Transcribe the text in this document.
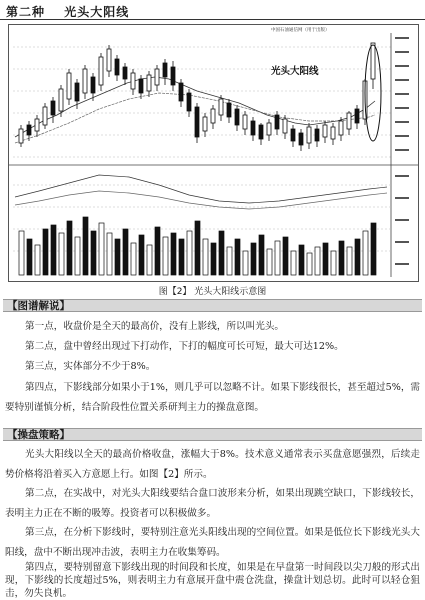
第二种 光头大阳线
中国石油通信网（用于出版）
光头大阳线
图【2】 光头大阳线示意图
【图谱解说】

第一点，收盘价是全天的最高价，没有上影线，所以叫光头。

第二点，盘中曾经出现过下打动作，下打的幅度可长可短，最大可达12%。

第三点，实体部分不少于8%。

第四点，下影线部分如果小于1%，则几乎可以忽略不计。如果下影线很长，甚至超过5%，需要特别谨慎分析，结合阶段性位置关系研判主力的操盘意图。

【操盘策略】

光头大阳线以全天的最高价格收盘，涨幅大于8%。技术意义通常表示买盘意愿强烈，后续走势价格将沿着买入方意愿上行。如图【2】所示。

第二点，在实战中，对光头大阳线要结合盘口波形来分析，如果出现跳空缺口，下影线较长，表明主力正在不断的吸筹。投资者可以积极做多。

第三点，在分析下影线时，要特别注意光头阳线出现的空间位置。如果是低位长下影线光头大阳线，盘中不断出现冲击波，表明主力在收集筹码。

第四点，要特别留意下影线出现的时间段和长度，如果是在早盘第一时间段以尖刀般的形式出现，下影线的长度超过5%，则表明主力有意展开盘中震仓洗盘，操盘计划总切。此时可以轻仓狙击，勿失良机。
